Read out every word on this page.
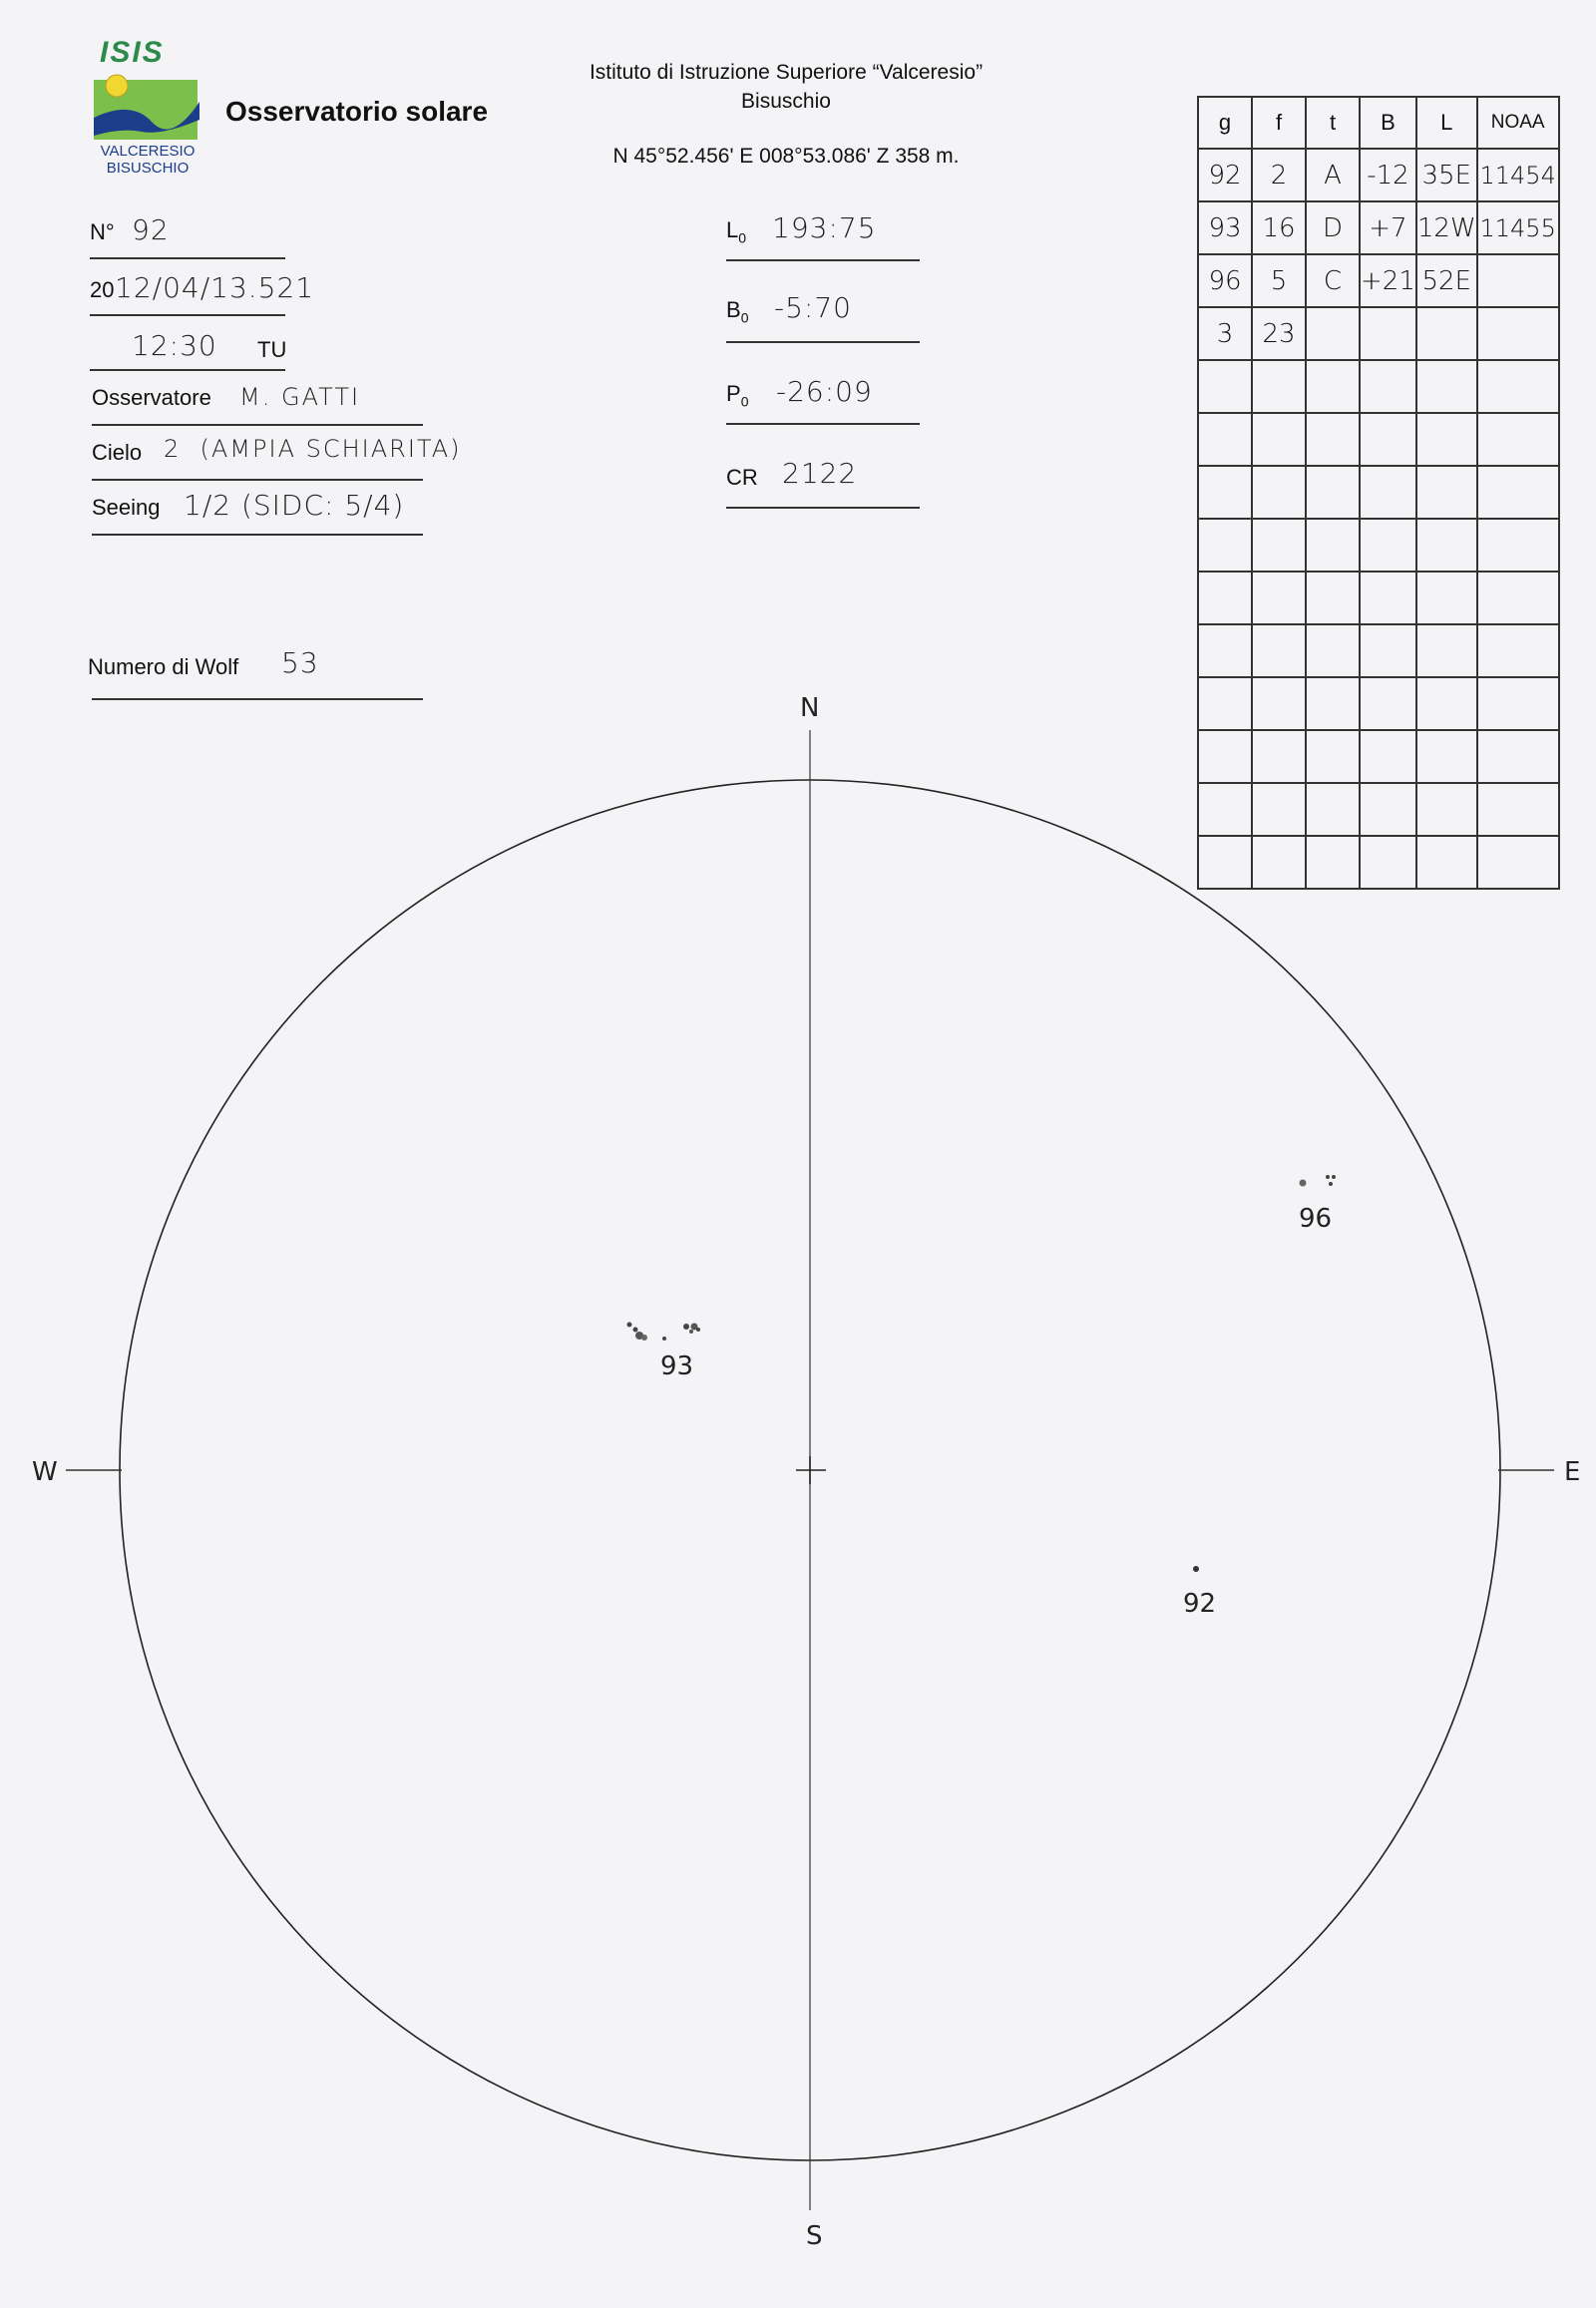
ISIS
VALCERESIO
BISUSCHIO
Osservatorio solare
Istituto di Istruzione Superiore “Valceresio”
Bisuschio
N 45°52.456' E 008°53.086' Z 358 m.
N° 92
20 12/04/13.521
12:30 TU
Osservatore M. GATTI
Cielo 2  (AMPIA SCHIARITA)
Seeing 1/2 (SIDC: 5/4)
Numero di Wolf 53
$L_0$ 193:75
$B_0$ -5:70
$P_0$ -26:09
CR 2122
g	f	t	B	L	NOAA
92	2	A	-12	35E	11454
93	16	D	+7	12W	11455
96	5	C	+21	52E	
3	23				

N
S
E
W
93
96
92
